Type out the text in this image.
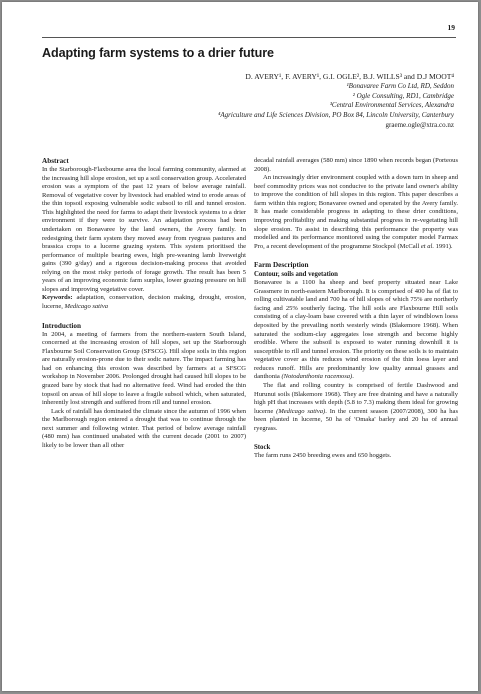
19
Adapting farm systems to a drier future
D. AVERY¹, F. AVERY¹, G.I. OGLE², B.J. WILLS³ and D.J MOOT⁴
¹Bonavaree Farm Co Ltd, RD, Seddon
² Ogle Consulting, RD1, Cambridge
³Central Environmental Services, Alexandra
⁴Agriculture and Life Sciences Division, PO Box 84, Lincoln University, Canterbury
graeme.ogle@xtra.co.nz
Abstract

In the Starborough-Flaxbourne area the local farming community, alarmed at the increasing hill slope erosion, set up a soil conservation group. Accelerated erosion was a symptom of the past 12 years of below average rainfall. Removal of vegetative cover by livestock had enabled wind to erode areas of the thin topsoil exposing vulnerable sodic subsoil to rill and tunnel erosion. This highlighted the need for farms to adapt their livestock systems to a drier environment if they were to survive. An adaptation process had been undertaken on Bonavaree by the land owners, the Avery family. In redesigning their farm system they moved away from ryegrass pastures and brassica crops to a lucerne grazing system. This system prioritised the performance of multiple bearing ewes, high pre-weaning lamb liveweight gains (390 g/day) and a rigorous decision-making process that avoided relying on the most risky periods of forage growth. The result has been 5 years of an improving economic farm surplus, lower grazing pressure on hill slopes and improving vegetative cover.

Keywords: adaptation, conservation, decision making, drought, erosion, lucerne, Medicago sativa

Introduction

In 2004, a meeting of farmers from the northern-eastern South Island, concerned at the increasing erosion of hill slopes, set up the Starborough Flaxbourne Soil Conservation Group (SFSCG). Hill slope soils in this region are naturally erosion-prone due to their sodic nature. The impact farming has had on enhancing this erosion was described by farmers at a SFSCG workshop in November 2006. Prolonged drought had caused hill slopes to be grazed bare by stock that had no alternative feed. Wind had eroded the thin topsoil on areas of hill slope to leave a fragile subsoil which, when saturated, inherently lost strength and suffered from rill and tunnel erosion.

Lack of rainfall has dominated the climate since the autumn of 1996 when the Marlborough region entered a drought that was to continue through the next summer and following winter. That period of below average rainfall (480 mm) has continued unabated with the current decade (2001 to 2007) likely to be lower than all other

decadal rainfall averages (580 mm) since 1890 when records began (Porteous 2008).

An increasingly drier environment coupled with a down turn in sheep and beef commodity prices was not conducive to the private land owner's ability to improve the condition of hill slopes in this region. This paper describes a farm within this region; Bonavaree owned and operated by the Avery family. It has made considerable progress in adapting to these drier conditions, improving profitability and making substantial progress in re-vegetating hill slope erosion. To assist in describing this performance the property was modelled and its performance monitored using the computer model Farmax Pro, a recent development of the programme Stockpol (McCall et al. 1991).

Farm Description
Contour, soils and vegetation

Bonavaree is a 1100 ha sheep and beef property situated near Lake Grassmere in north-eastern Marlborough. It is comprised of 400 ha of flat to rolling cultivatable land and 700 ha of hill slopes of which 75% are northerly facing and 25% southerly facing. The hill soils are Flaxbourne Hill soils consisting of a clay-loam base covered with a thin layer of windblown loess deposited by the prevailing north westerly winds (Blakemore 1968). When saturated the sodium-clay aggregates lose strength and become highly erodible. Where the subsoil is exposed to water running downhill it is susceptible to rill and tunnel erosion. The priority on these soils is to maintain vegetative cover as this reduces wind erosion of the thin loess layer and reduces runoff. Hills are predominantly low quality annual grasses and danthonia (Notodanthonia racemosa).

The flat and rolling country is comprised of fertile Dashwood and Hurunui soils (Blakemore 1968). They are free draining and have a naturally high pH that increases with depth (5.8 to 7.3) making them ideal for growing lucerne (Medicago sativa). In the current season (2007/2008), 300 ha has been planted in lucerne, 50 ha of 'Omaka' barley and 20 ha of annual ryegrass.

Stock

The farm runs 2450 breeding ewes and 650 hoggets.
